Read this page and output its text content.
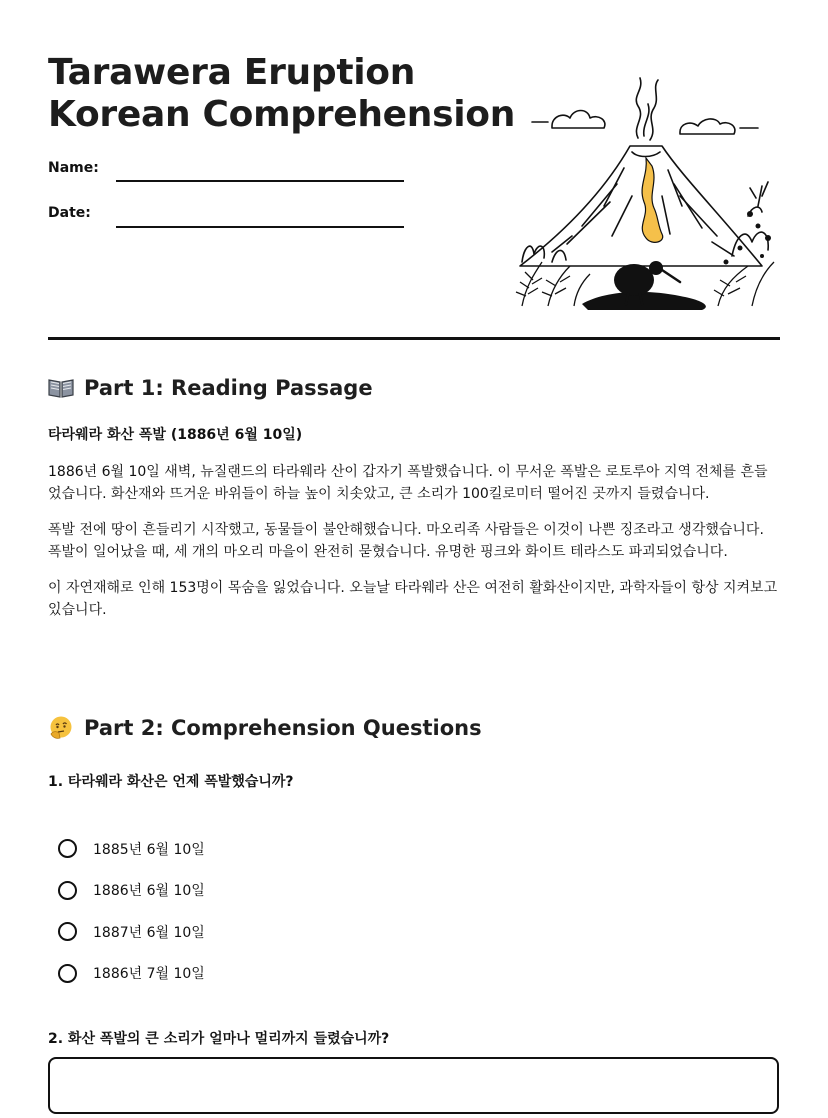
Tarawera Eruption
Korean Comprehension
Name:
Date:
Part 1: Reading Passage
타라웨라 화산 폭발 (1886년 6월 10일)

1886년 6월 10일 새벽, 뉴질랜드의 타라웨라 산이 갑자기 폭발했습니다. 이 무서운 폭발은 로토루아 지역 전체를 흔들었습니다. 화산재와 뜨거운 바위들이 하늘 높이 치솟았고, 큰 소리가 100킬로미터 떨어진 곳까지 들렸습니다.

폭발 전에 땅이 흔들리기 시작했고, 동물들이 불안해했습니다. 마오리족 사람들은 이것이 나쁜 징조라고 생각했습니다. 폭발이 일어났을 때, 세 개의 마오리 마을이 완전히 묻혔습니다. 유명한 핑크와 화이트 테라스도 파괴되었습니다.

이 자연재해로 인해 153명이 목숨을 잃었습니다. 오늘날 타라웨라 산은 여전히 활화산이지만, 과학자들이 항상 지켜보고 있습니다.

Part 2: Comprehension Questions

1. 타라웨라 화산은 언제 폭발했습니까?

1885년 6월 10일
1886년 6월 10일
1887년 6월 10일
1886년 7월 10일

2. 화산 폭발의 큰 소리가 얼마나 멀리까지 들렸습니까?
